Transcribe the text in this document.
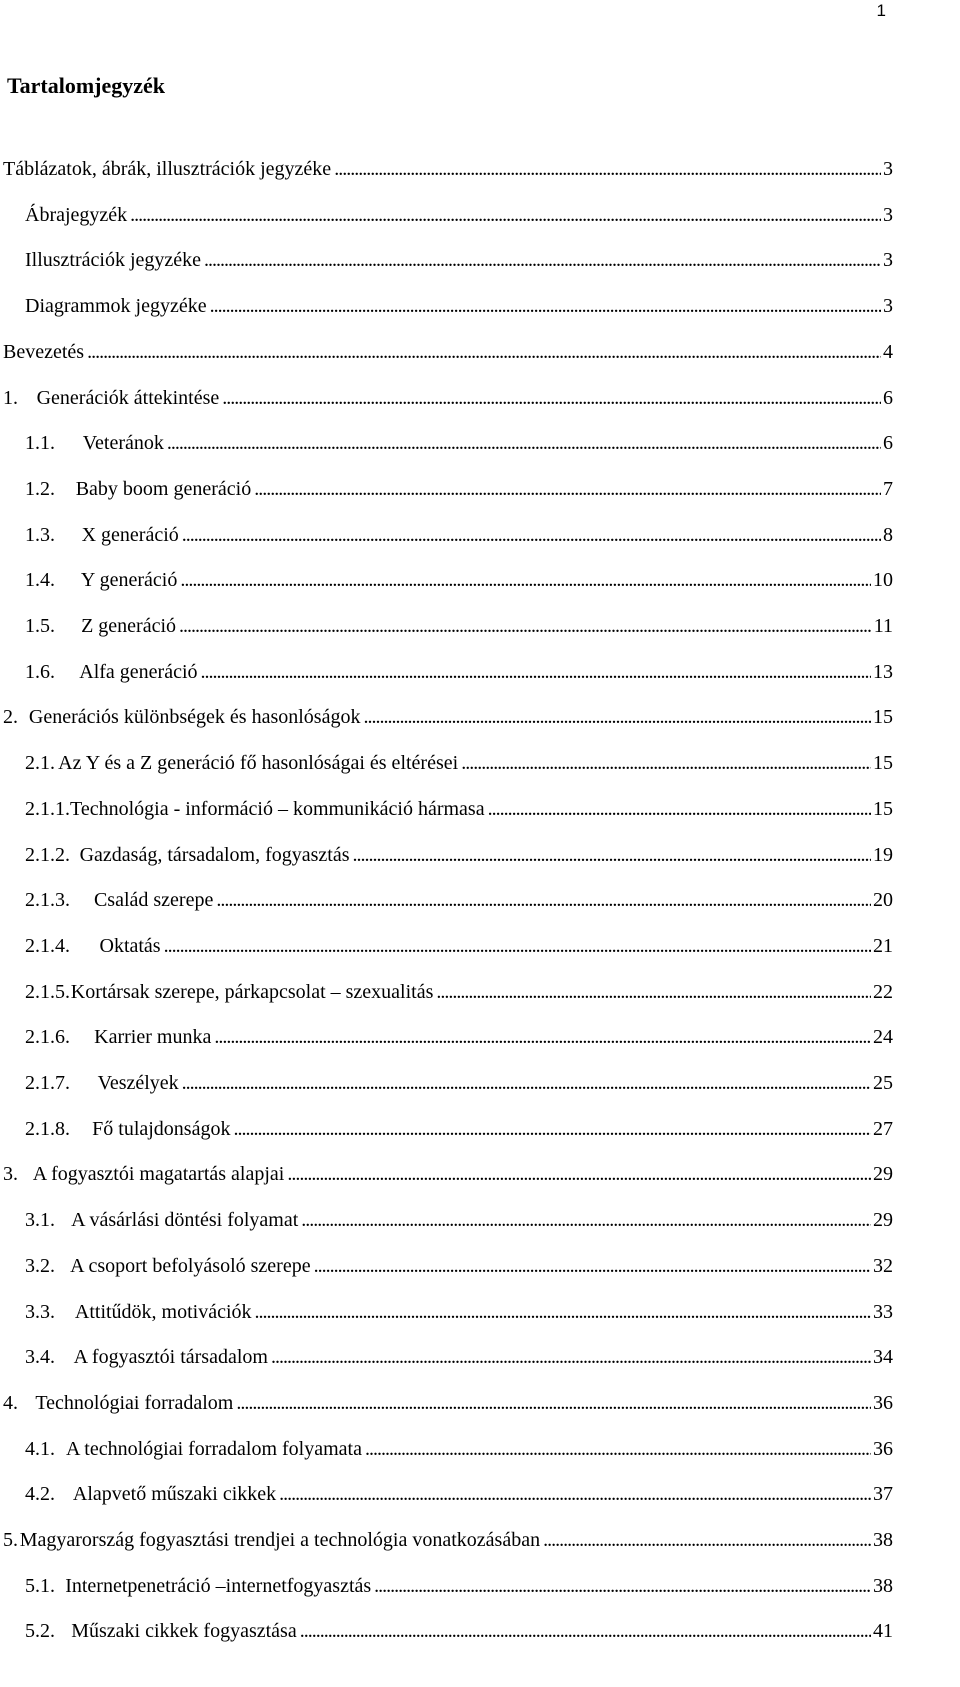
1
Tartalomjegyzék
Táblázatok, ábrák, illusztrációk jegyzéke . . .	3
Ábrajegyzék . . .	3
Illusztrációk jegyzéke . . .	3
Diagrammok jegyzéke . . .	3
Bevezetés . . .	4
1. Generációk áttekintése . . .	6
1.1.	Veteránok . . .	6
1.2.	Baby boom generáció . . .	7
1.3.	X generáció . . .	8
1.4.	Y generáció . . .	10
1.5.	Z generáció . . .	11
1.6.	Alfa generáció . . .	13
2. Generációs különbségek és hasonlóságok . . .	15
2.1. Az Y és a Z generáció fő hasonlóságai és eltérései . . .	15
2.1.1. Technológia - információ – kommunikáció hármasa . . .	15
2.1.2. Gazdaság, társadalom, fogyasztás . . .	19
2.1.3.	Család szerepe . . .	20
2.1.4.	Oktatás . . .	21
2.1.5. Kortársak szerepe, párkapcsolat – szexualitás . . .	22
2.1.6.	Karrier munka . . .	24
2.1.7.	Veszélyek . . .	25
2.1.8.	Fő tulajdonságok . . .	27
3. A fogyasztói magatartás alapjai . . .	29
3.1. A vásárlási döntési folyamat . . .	29
3.2. A csoport befolyásoló szerepe . . .	32
3.3. Attitűdök, motivációk . . .	33
3.4. A fogyasztói társadalom . . .	34
4. Technológiai forradalom . . .	36
4.1. A technológiai forradalom folyamata . . .	36
4.2. Alapvető műszaki cikkek . . .	37
5. Magyarország fogyasztási trendjei a technológia vonatkozásában . . .	38
5.1. Internetpenetráció –internetfogyasztás . . .	38
5.2. Műszaki cikkek fogyasztása . . .	41
